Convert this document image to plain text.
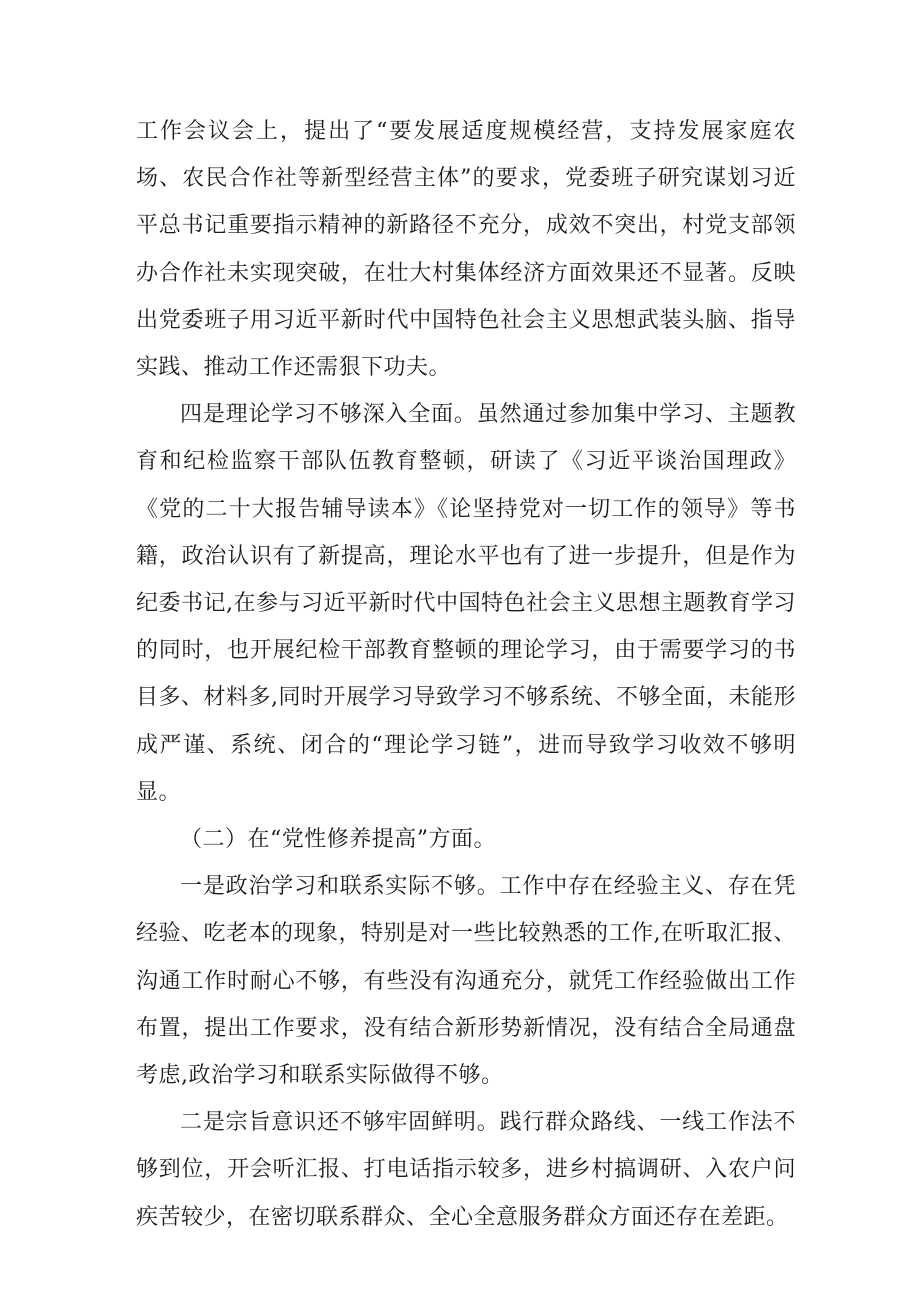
工作会议会上，提出了“要发展适度规模经营，支持发展家庭农场、农民合作社等新型经营主体”的要求，党委班子研究谋划习近平总书记重要指示精神的新路径不充分，成效不突出，村党支部领办合作社未实现突破，在壮大村集体经济方面效果还不显著。反映出党委班子用习近平新时代中国特色社会主义思想武装头脑、指导实践、推动工作还需狠下功夫。

四是理论学习不够深入全面。虽然通过参加集中学习、主题教育和纪检监察干部队伍教育整顿，研读了《习近平谈治国理政》《党的二十大报告辅导读本》《论坚持党对一切工作的领导》等书籍，政治认识有了新提高，理论水平也有了进一步提升，但是作为纪委书记,在参与习近平新时代中国特色社会主义思想主题教育学习的同时，也开展纪检干部教育整顿的理论学习，由于需要学习的书目多、材料多,同时开展学习导致学习不够系统、不够全面，未能形成严谨、系统、闭合的“理论学习链”，进而导致学习收效不够明显。

（二）在“党性修养提高”方面。

一是政治学习和联系实际不够。工作中存在经验主义、存在凭经验、吃老本的现象，特别是对一些比较熟悉的工作,在听取汇报、沟通工作时耐心不够，有些没有沟通充分，就凭工作经验做出工作布置，提出工作要求，没有结合新形势新情况，没有结合全局通盘考虑,政治学习和联系实际做得不够。

二是宗旨意识还不够牢固鲜明。践行群众路线、一线工作法不够到位，开会听汇报、打电话指示较多，进乡村搞调研、入农户问疾苦较少，在密切联系群众、全心全意服务群众方面还存在差距。
